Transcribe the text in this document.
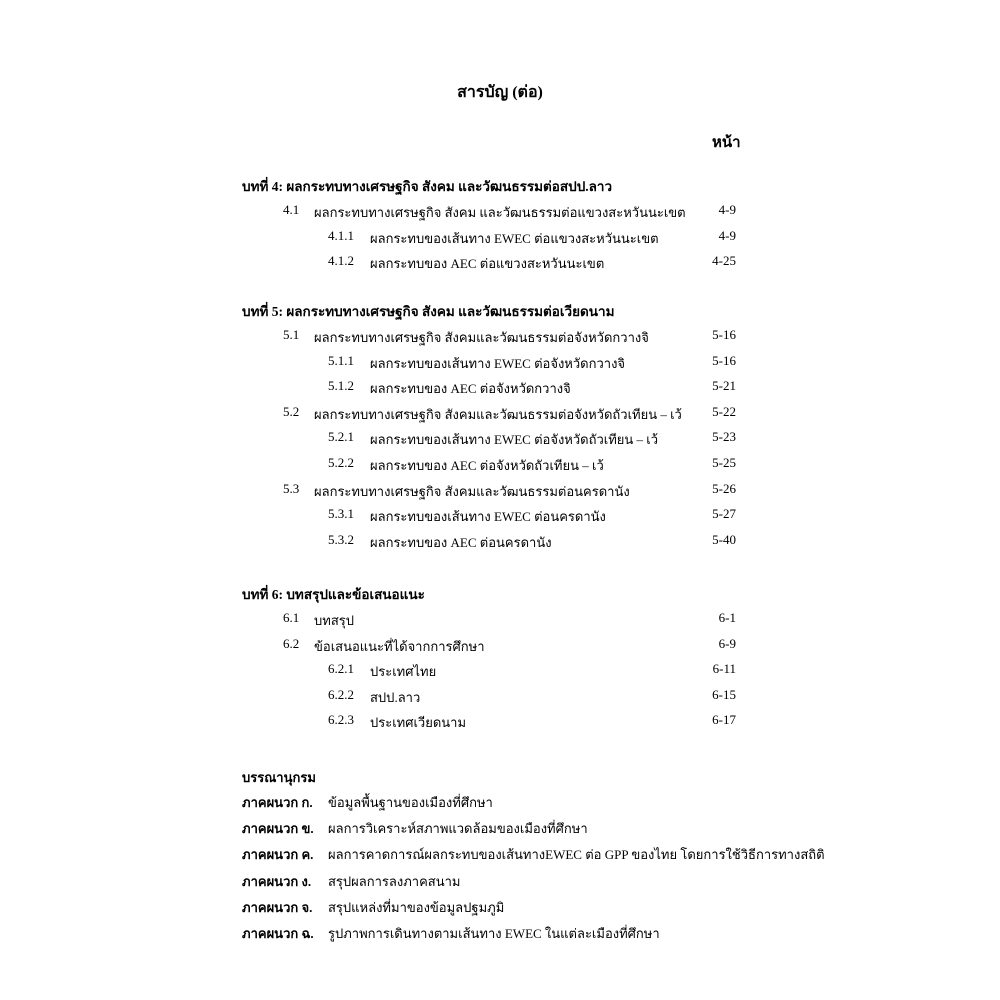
สารบัญ (ต่อ)
หน้า
บทที่ 4: ผลกระทบทางเศรษฐกิจ สังคม และวัฒนธรรมต่อสปป.ลาว
4.1 ผลกระทบทางเศรษฐกิจ สังคม และวัฒนธรรมต่อแขวงสะหวันนะเขต	4-9
4.1.1 ผลกระทบของเส้นทาง EWEC ต่อแขวงสะหวันนะเขต	4-9
4.1.2 ผลกระทบของ AEC ต่อแขวงสะหวันนะเขต	4-25
บทที่ 5: ผลกระทบทางเศรษฐกิจ สังคม และวัฒนธรรมต่อเวียดนาม
5.1 ผลกระทบทางเศรษฐกิจ สังคมและวัฒนธรรมต่อจังหวัดกวางจิ	5-16
5.1.1 ผลกระทบของเส้นทาง EWEC ต่อจังหวัดกวางจิ	5-16
5.1.2 ผลกระทบของ AEC ต่อจังหวัดกวางจิ	5-21
5.2 ผลกระทบทางเศรษฐกิจ สังคมและวัฒนธรรมต่อจังหวัดถัวเทียน – เว้ 5-22
5.2.1 ผลกระทบของเส้นทาง EWEC ต่อจังหวัดถัวเทียน – เว้	5-23
5.2.2 ผลกระทบของ AEC ต่อจังหวัดถัวเทียน – เว้	5-25
5.3 ผลกระทบทางเศรษฐกิจ สังคมและวัฒนธรรมต่อนครดานัง	5-26
5.3.1 ผลกระทบของเส้นทาง EWEC ต่อนครดานัง	5-27
5.3.2 ผลกระทบของ AEC ต่อนครดานัง	5-40
บทที่ 6: บทสรุปและข้อเสนอแนะ
6.1 บทสรุป	6-1
6.2 ข้อเสนอแนะที่ได้จากการศึกษา	6-9
6.2.1 ประเทศไทย	6-11
6.2.2 สปป.ลาว	6-15
6.2.3 ประเทศเวียดนาม	6-17
บรรณานุกรม
ภาคผนวก ก. ข้อมูลพื้นฐานของเมืองที่ศึกษา
ภาคผนวก ข. ผลการวิเคราะห์สภาพแวดล้อมของเมืองที่ศึกษา
ภาคผนวก ค. ผลการคาดการณ์ผลกระทบของเส้นทางEWEC ต่อ GPP ของไทย โดยการใช้วิธีการทางสถิติ
ภาคผนวก ง. สรุปผลการลงภาคสนาม
ภาคผนวก จ. สรุปแหล่งที่มาของข้อมูลปฐมภูมิ
ภาคผนวก ฉ. รูปภาพการเดินทางตามเส้นทาง EWEC ในแต่ละเมืองที่ศึกษา
